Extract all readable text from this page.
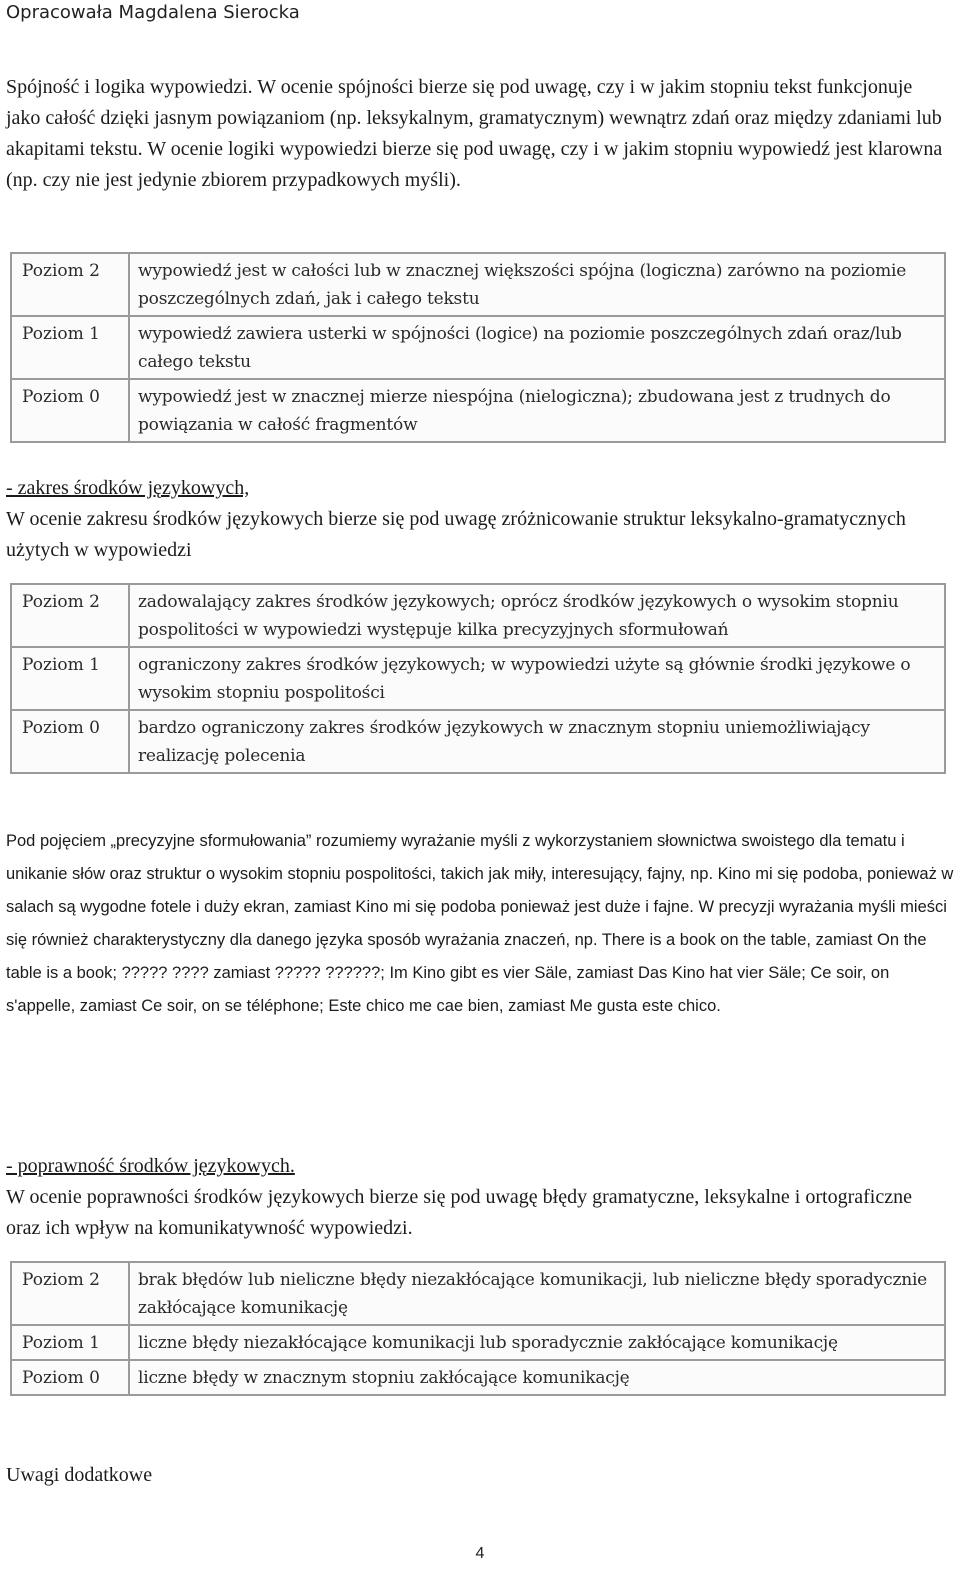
Opracowała Magdalena Sierocka
Spójność i logika wypowiedzi. W ocenie spójności bierze się pod uwagę, czy i w jakim stopniu tekst funkcjonuje jako całość dzięki jasnym powiązaniom (np. leksykalnym, gramatycznym) wewnątrz zdań oraz między zdaniami lub akapitami tekstu. W ocenie logiki wypowiedzi bierze się pod uwagę, czy i w jakim stopniu wypowiedź jest klarowna (np. czy nie jest jedynie zbiorem przypadkowych myśli).
Poziom 2	wypowiedź jest w całości lub w znacznej większości spójna (logiczna) zarówno na poziomie poszczególnych zdań, jak i całego tekstu
Poziom 1	wypowiedź zawiera usterki w spójności (logice) na poziomie poszczególnych zdań oraz/lub całego tekstu
Poziom 0	wypowiedź jest w znacznej mierze niespójna (nielogiczna); zbudowana jest z trudnych do powiązania w całość fragmentów
- zakres środków językowych,
W ocenie zakresu środków językowych bierze się pod uwagę zróżnicowanie struktur leksykalno-gramatycznych użytych w wypowiedzi
Poziom 2	zadowalający zakres środków językowych; oprócz środków językowych o wysokim stopniu pospolitości w wypowiedzi występuje kilka precyzyjnych sformułowań
Poziom 1	ograniczony zakres środków językowych; w wypowiedzi użyte są głównie środki językowe o wysokim stopniu pospolitości
Poziom 0	bardzo ograniczony zakres środków językowych w znacznym stopniu uniemożliwiający realizację polecenia
Pod pojęciem „precyzyjne sformułowania” rozumiemy wyrażanie myśli z wykorzystaniem słownictwa swoistego dla tematu i unikanie słów oraz struktur o wysokim stopniu pospolitości, takich jak miły, interesujący, fajny, np. Kino mi się podoba, ponieważ w salach są wygodne fotele i duży ekran, zamiast Kino mi się podoba ponieważ jest duże i fajne. W precyzji wyrażania myśli mieści się również charakterystyczny dla danego języka sposób wyrażania znaczeń, np. There is a book on the table, zamiast On the table is a book; ????? ???? zamiast ????? ??????; Im Kino gibt es vier Säle, zamiast Das Kino hat vier Säle; Ce soir, on s'appelle, zamiast Ce soir, on se téléphone; Este chico me cae bien, zamiast Me gusta este chico.
- poprawność środków językowych.
W ocenie poprawności środków językowych bierze się pod uwagę błędy gramatyczne, leksykalne i ortograficzne oraz ich wpływ na komunikatywność wypowiedzi.
Poziom 2	brak błędów lub nieliczne błędy niezakłócające komunikacji, lub nieliczne błędy sporadycznie zakłócające komunikację
Poziom 1	liczne błędy niezakłócające komunikacji lub sporadycznie zakłócające komunikację
Poziom 0	liczne błędy w znacznym stopniu zakłócające komunikację
Uwagi dodatkowe
4
